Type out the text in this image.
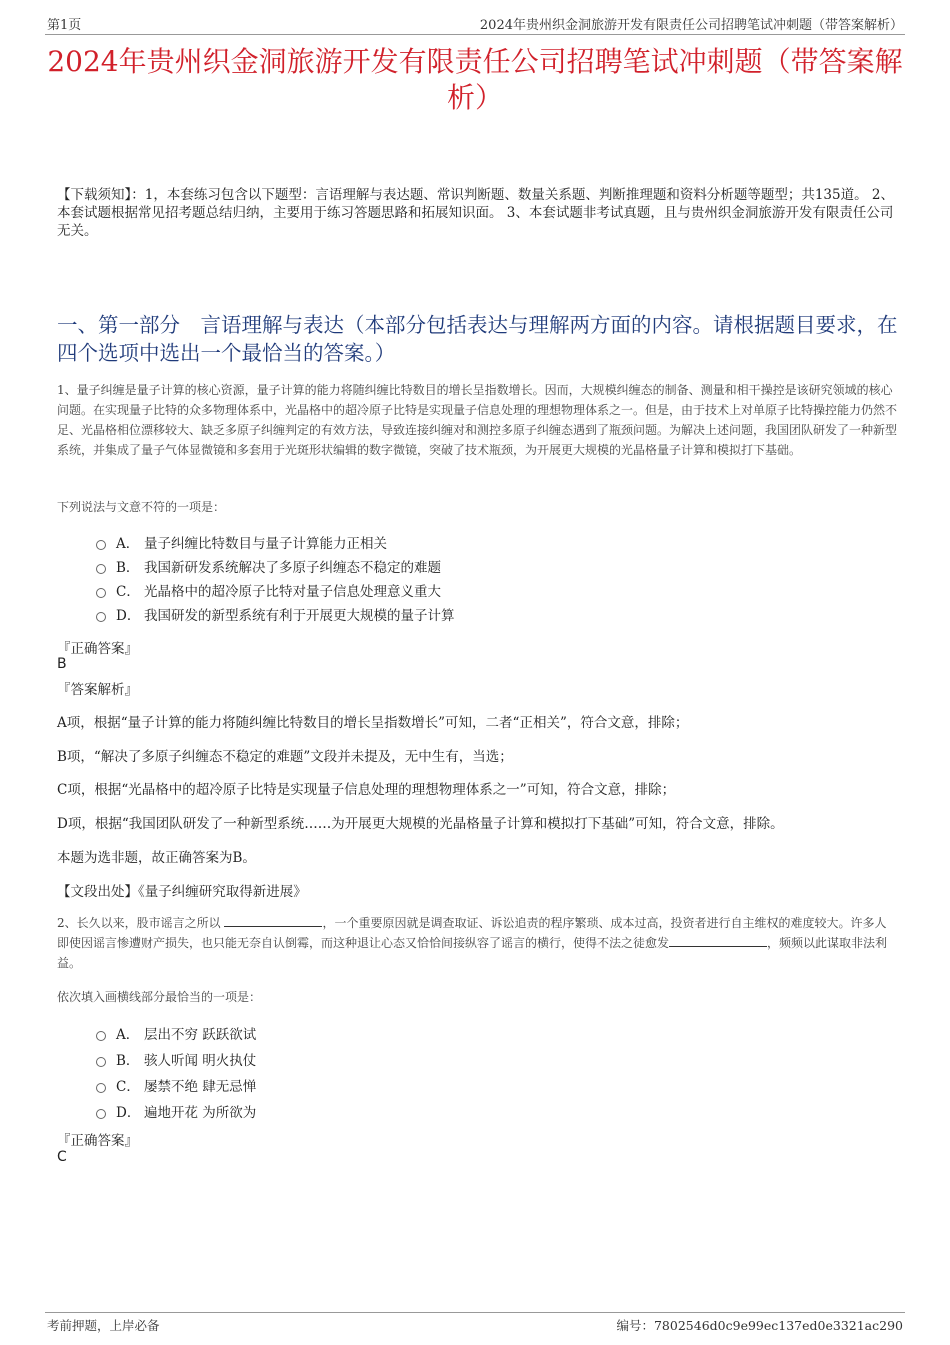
第1页	2024年贵州织金洞旅游开发有限责任公司招聘笔试冲刺题（带答案解析）
2024年贵州织金洞旅游开发有限责任公司招聘笔试冲刺题（带答案解析）
【下载须知】：1，本套练习包含以下题型：言语理解与表达题、常识判断题、数量关系题、判断推理题和资料分析题等题型；共135道。 2、本套试题根据常见招考题总结归纳，主要用于练习答题思路和拓展知识面。 3、本套试题非考试真题，且与贵州织金洞旅游开发有限责任公司无关。
一、第一部分　言语理解与表达（本部分包括表达与理解两方面的内容。请根据题目要求，在四个选项中选出一个最恰当的答案。）
1、量子纠缠是量子计算的核心资源，量子计算的能力将随纠缠比特数目的增长呈指数增长。因而，大规模纠缠态的制备、测量和相干操控是该研究领域的核心问题。在实现量子比特的众多物理体系中，光晶格中的超冷原子比特是实现量子信息处理的理想物理体系之一。但是，由于技术上对单原子比特操控能力仍然不足、光晶格相位漂移较大、缺乏多原子纠缠判定的有效方法，导致连接纠缠对和测控多原子纠缠态遇到了瓶颈问题。为解决上述问题，我国团队研发了一种新型系统，并集成了量子气体显微镜和多套用于光斑形状编辑的数字微镜，突破了技术瓶颈，为开展更大规模的光晶格量子计算和模拟打下基础。
下列说法与文意不符的一项是：
A． 量子纠缠比特数目与量子计算能力正相关
B． 我国新研发系统解决了多原子纠缠态不稳定的难题
C． 光晶格中的超冷原子比特对量子信息处理意义重大
D． 我国研发的新型系统有利于开展更大规模的量子计算
『正确答案』
B
『答案解析』
A项，根据“量子计算的能力将随纠缠比特数目的增长呈指数增长”可知，二者“正相关”，符合文意，排除；
B项，“解决了多原子纠缠态不稳定的难题”文段并未提及，无中生有，当选；
C项，根据“光晶格中的超冷原子比特是实现量子信息处理的理想物理体系之一”可知，符合文意，排除；
D项，根据“我国团队研发了一种新型系统……为开展更大规模的光晶格量子计算和模拟打下基础”可知，符合文意，排除。
本题为选非题，故正确答案为B。
【文段出处】《量子纠缠研究取得新进展》
2、长久以来，股市谣言之所以	，一个重要原因就是调查取证、诉讼追责的程序繁琐、成本过高，投资者进行自主维权的难度较大。许多人即使因谣言惨遭财产损失，也只能无奈自认倒霉，而这种退让心态又恰恰间接纵容了谣言的横行，使得不法之徒愈发	，频频以此谋取非法利益。
依次填入画横线部分最恰当的一项是：
A． 层出不穷 跃跃欲试
B． 骇人听闻 明火执仗
C． 屡禁不绝 肆无忌惮
D． 遍地开花 为所欲为
『正确答案』
C
考前押题，上岸必备	编号：7802546d0c9e99ec137ed0e3321ac290
